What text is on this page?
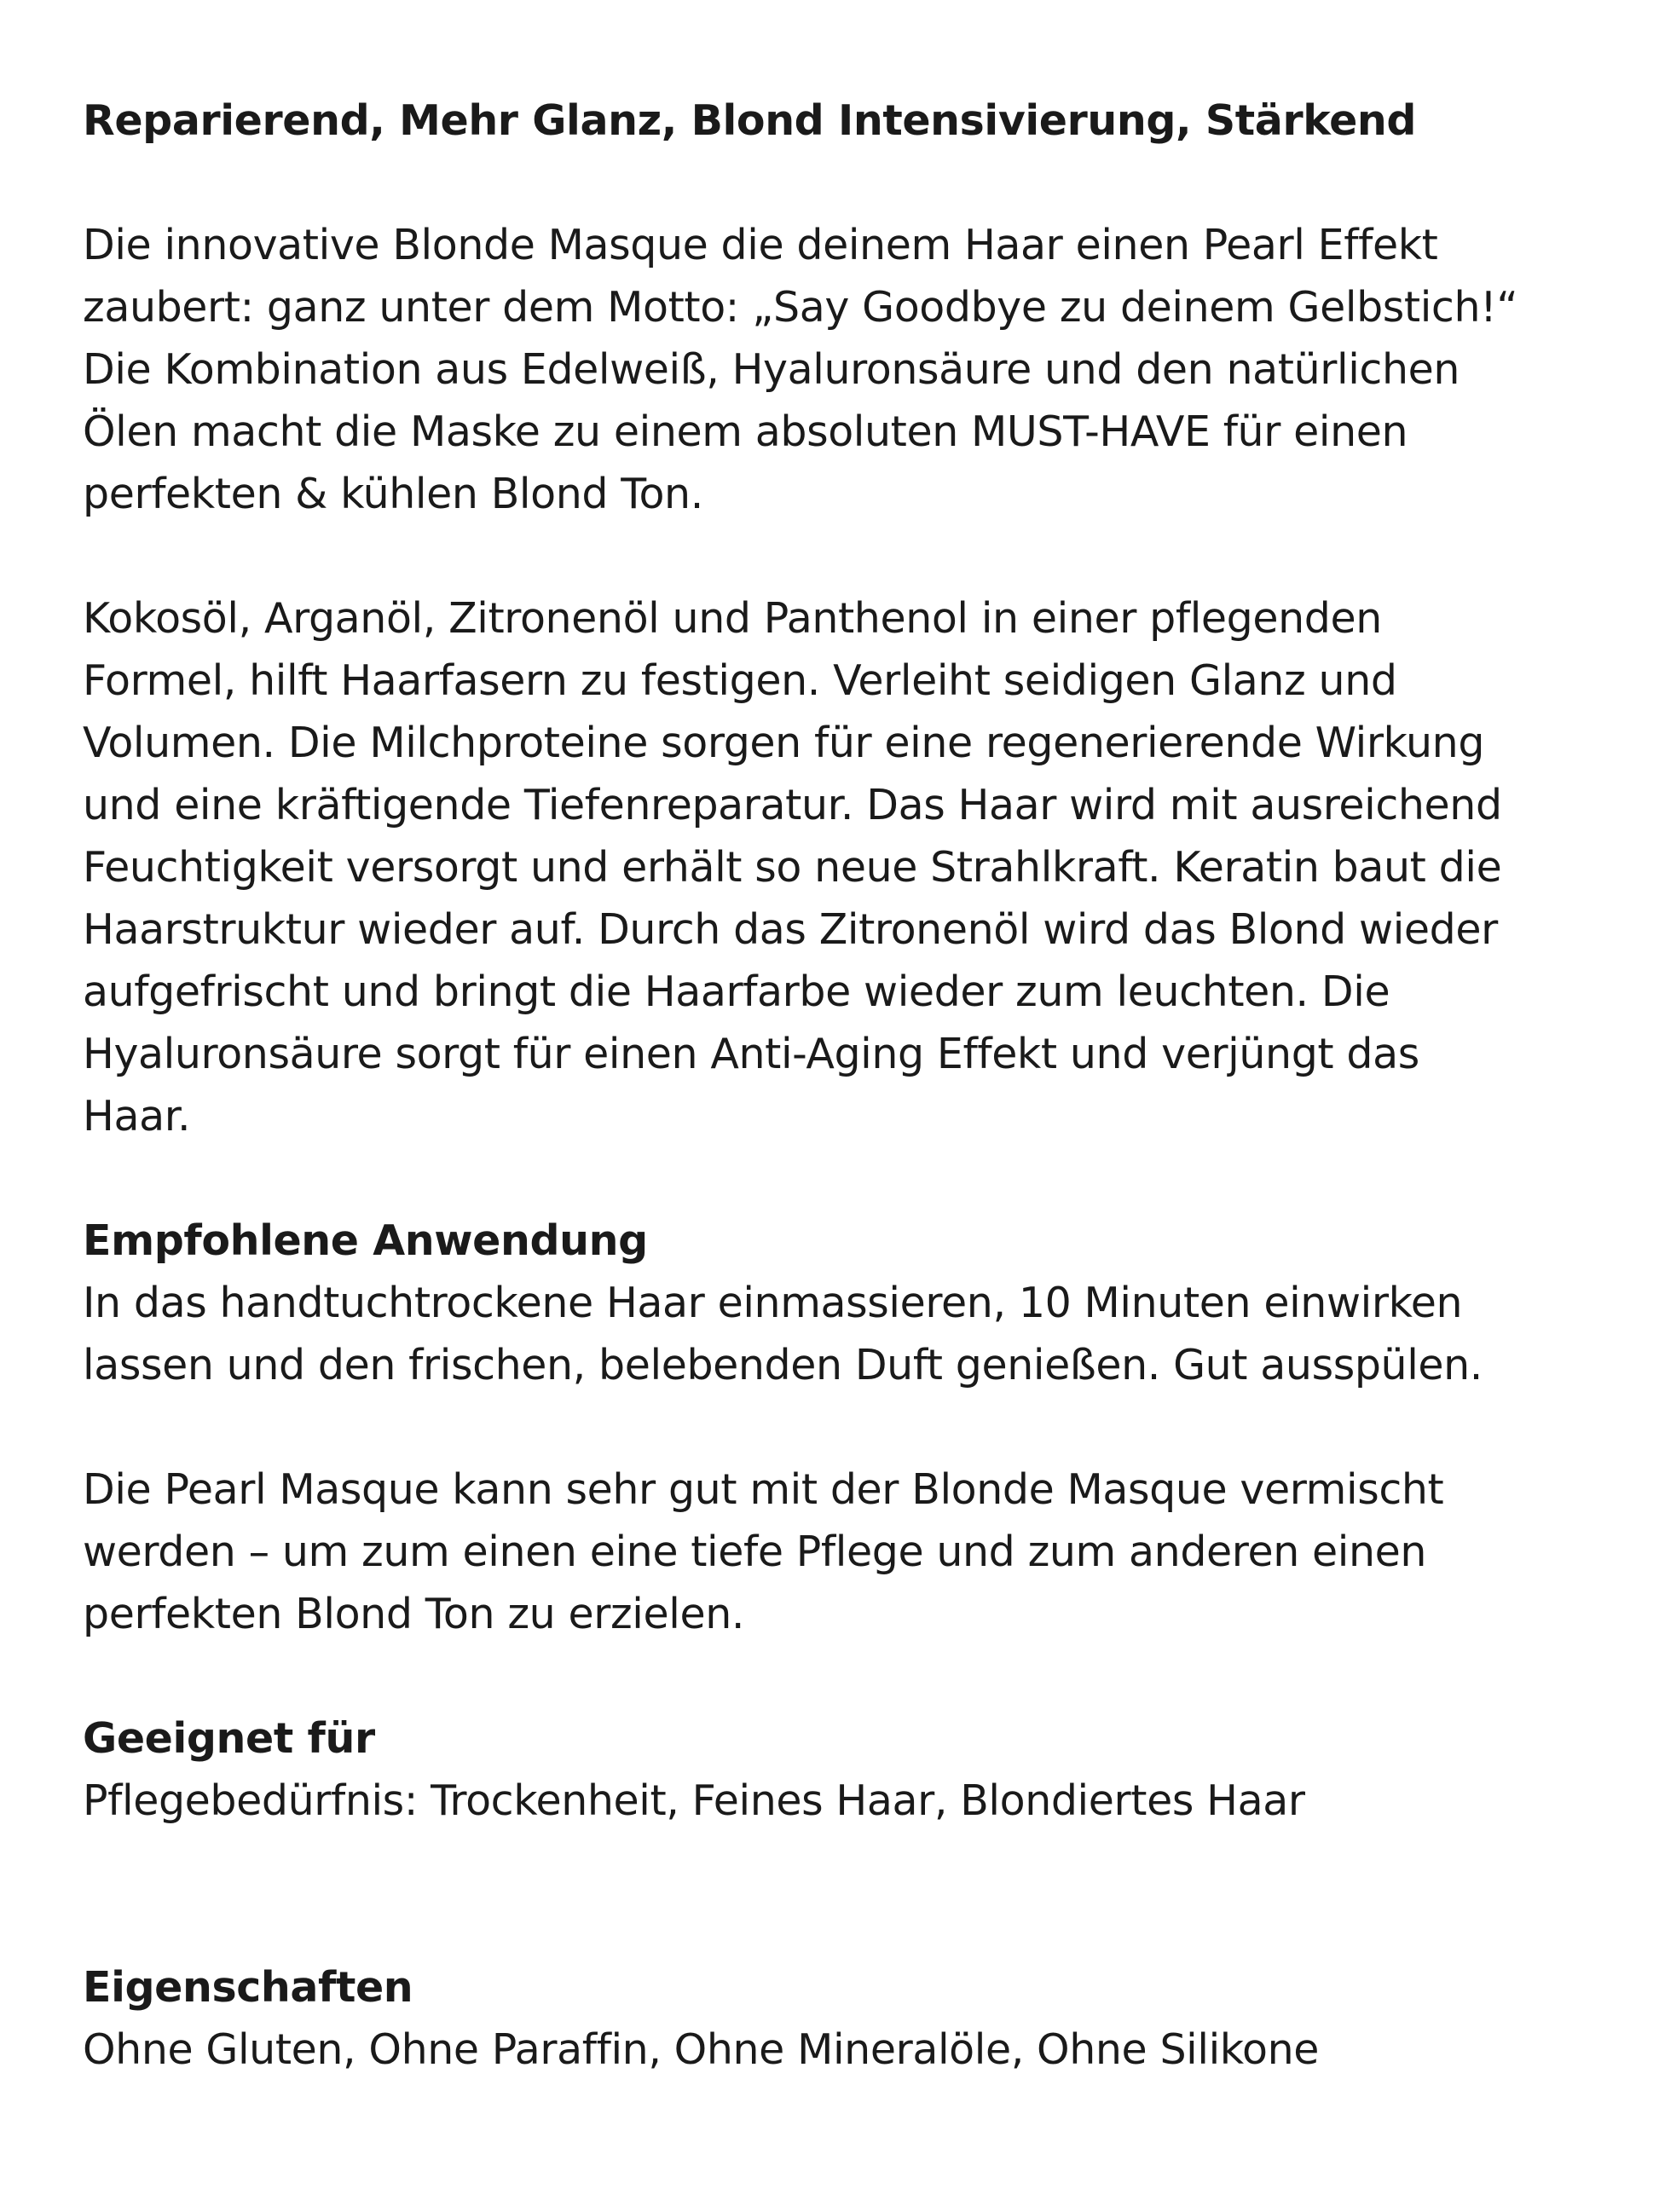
Reparierend, Mehr Glanz, Blond Intensivierung, Stärkend

Die innovative Blonde Masque die deinem Haar einen Pearl Effekt
zaubert: ganz unter dem Motto: „Say Goodbye zu deinem Gelbstich!“
Die Kombination aus Edelweiß, Hyaluronsäure und den natürlichen
Ölen macht die Maske zu einem absoluten MUST-HAVE für einen
perfekten & kühlen Blond Ton.

Kokosöl, Arganöl, Zitronenöl und Panthenol in einer pflegenden
Formel, hilft Haarfasern zu festigen. Verleiht seidigen Glanz und
Volumen. Die Milchproteine sorgen für eine regenerierende Wirkung
und eine kräftigende Tiefenreparatur. Das Haar wird mit ausreichend
Feuchtigkeit versorgt und erhält so neue Strahlkraft. Keratin baut die
Haarstruktur wieder auf. Durch das Zitronenöl wird das Blond wieder
aufgefrischt und bringt die Haarfarbe wieder zum leuchten. Die
Hyaluronsäure sorgt für einen Anti-Aging Effekt und verjüngt das
Haar.

Empfohlene Anwendung

In das handtuchtrockene Haar einmassieren, 10 Minuten einwirken
lassen und den frischen, belebenden Duft genießen. Gut ausspülen.

Die Pearl Masque kann sehr gut mit der Blonde Masque vermischt
werden – um zum einen eine tiefe Pflege und zum anderen einen
perfekten Blond Ton zu erzielen.

Geeignet für

Pflegebedürfnis: Trockenheit, Feines Haar, Blondiertes Haar

Eigenschaften

Ohne Gluten, Ohne Paraffin, Ohne Mineralöle, Ohne Silikone
